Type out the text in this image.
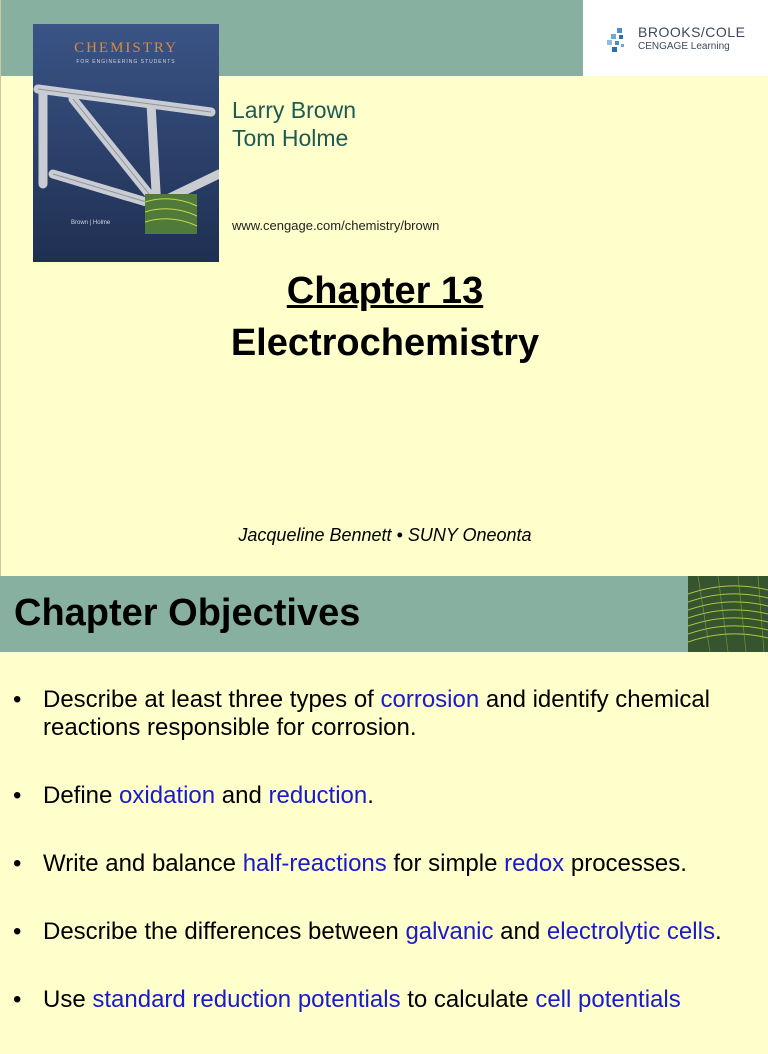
BROOKS/COLE
CENGAGE Learning
CHEMISTRY
FOR ENGINEERING STUDENTS
Brown | Holme
Larry Brown
Tom Holme
www.cengage.com/chemistry/brown
Chapter 13
Electrochemistry
Jacqueline Bennett • SUNY Oneonta
Chapter Objectives
• Describe at least three types of corrosion and identify chemical reactions responsible for corrosion.
• Define oxidation and reduction.
• Write and balance half-reactions for simple redox processes.
• Describe the differences between galvanic and electrolytic cells.
• Use standard reduction potentials to calculate cell potentials
